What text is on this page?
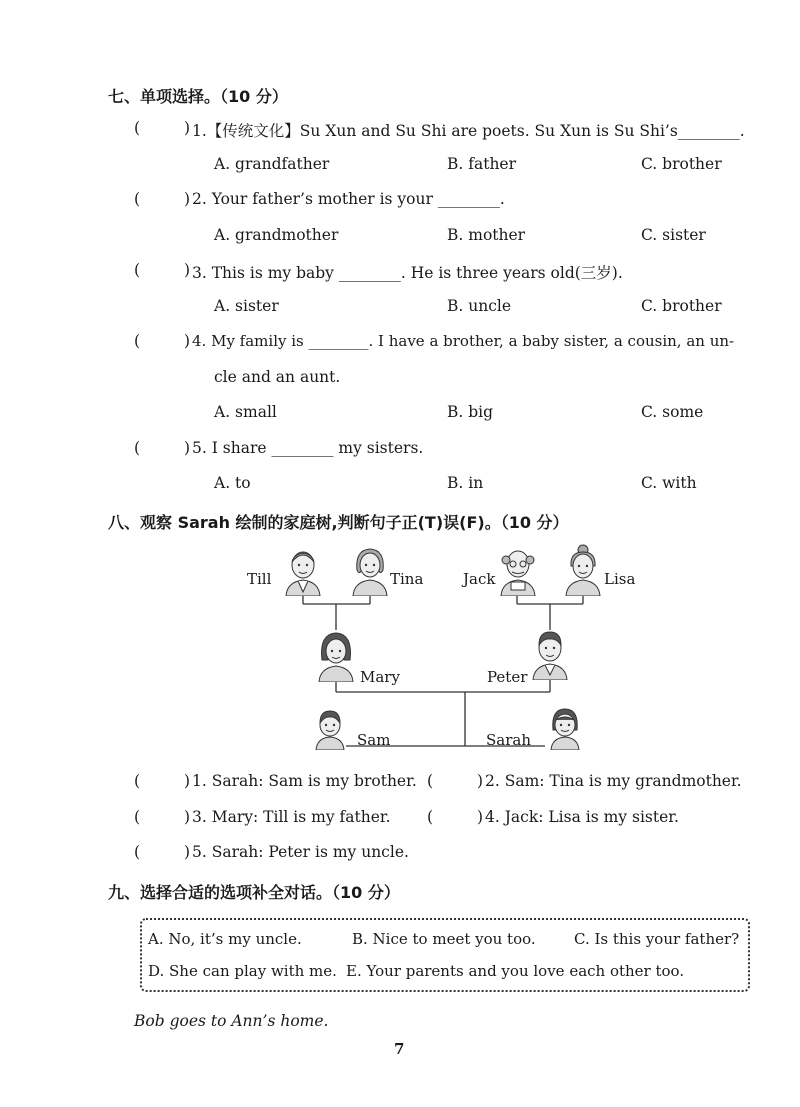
七、单项选择。（10 分）
(	) 1.【传统文化】Su Xun and Su Shi are poets. Su Xun is Su Shi’s________.
A. grandfather	B. father	C. brother
(	) 2. Your father’s mother is your ________.
A. grandmother	B. mother	C. sister
(	) 3. This is my baby ________. He is three years old(三岁).
A. sister	B. uncle	C. brother
(	) 4. My family is ________. I have a brother, a baby sister, a cousin, an un-
cle and an aunt.
A. small	B. big	C. some
(	) 5. I share ________ my sisters.
A. to	B. in	C. with
八、观察 Sarah 绘制的家庭树,判断句子正(T)误(F)。（10 分）
Till	Tina	Jack	Lisa
Mary	Peter
Sam	Sarah
(	) 1. Sarah: Sam is my brother. (	) 2. Sam: Tina is my grandmother.
(	) 3. Mary: Till is my father. (	) 4. Jack: Lisa is my sister.
(	) 5. Sarah: Peter is my uncle.
九、选择合适的选项补全对话。（10 分）
A. No, it’s my uncle.	B. Nice to meet you too.	C. Is this your father?
D. She can play with me. E. Your parents and you love each other too.
Bob goes to Ann’s home.
7
